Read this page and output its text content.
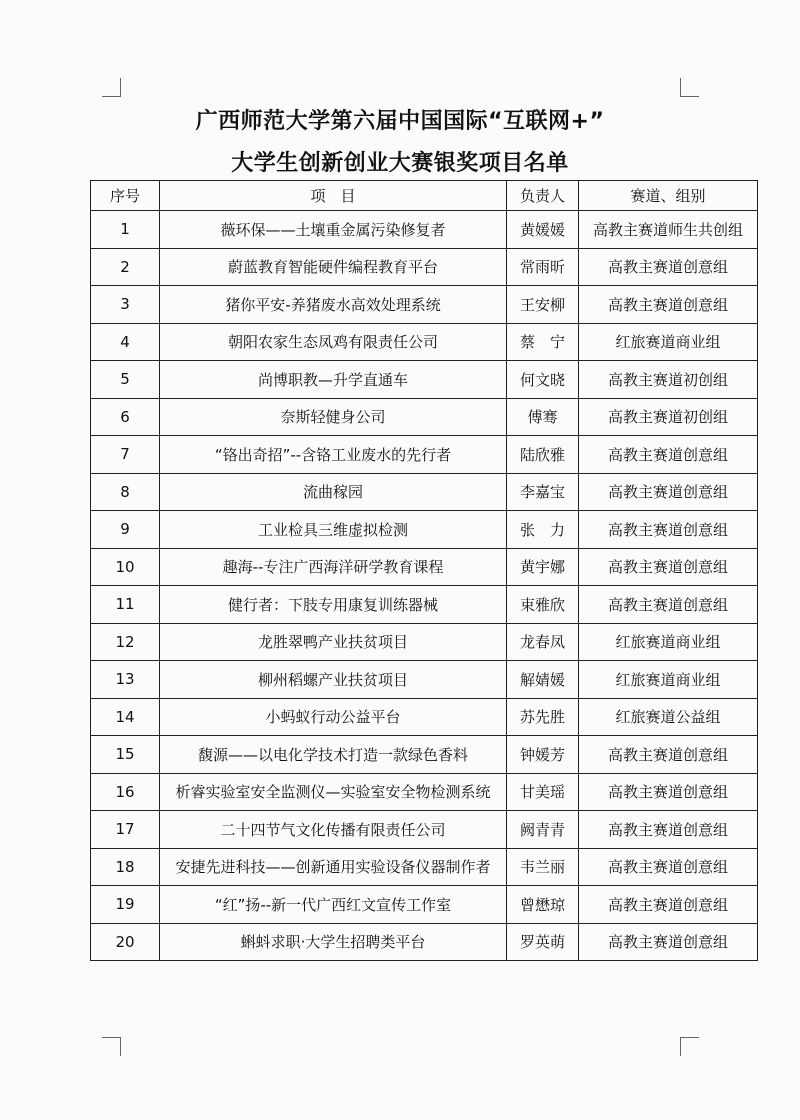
广西师范大学第六届中国国际“互联网+”
大学生创新创业大赛银奖项目名单
序号	项　目	负责人	赛道、组别
1	薇环保——土壤重金属污染修复者	黄媛媛	高教主赛道师生共创组
2	蔚蓝教育智能硬件编程教育平台	常雨昕	高教主赛道创意组
3	猪你平安-养猪废水高效处理系统	王安柳	高教主赛道创意组
4	朝阳农家生态凤鸡有限责任公司	蔡　宁	红旅赛道商业组
5	尚博职教—升学直通车	何文晓	高教主赛道初创组
6	奈斯轻健身公司	傅骞	高教主赛道初创组
7	“铬出奇招”--含铬工业废水的先行者	陆欣雅	高教主赛道创意组
8	流曲稼园	李嘉宝	高教主赛道创意组
9	工业检具三维虚拟检测	张　力	高教主赛道创意组
10	趣海--专注广西海洋研学教育课程	黄宇娜	高教主赛道创意组
11	健行者：下肢专用康复训练器械	束雅欣	高教主赛道创意组
12	龙胜翠鸭产业扶贫项目	龙春凤	红旅赛道商业组
13	柳州稻螺产业扶贫项目	解婧媛	红旅赛道商业组
14	小蚂蚁行动公益平台	苏先胜	红旅赛道公益组
15	馥源——以电化学技术打造一款绿色香料	钟媛芳	高教主赛道创意组
16	析睿实验室安全监测仪—实验室安全物检测系统	甘美瑶	高教主赛道创意组
17	二十四节气文化传播有限责任公司	阙青青	高教主赛道创意组
18	安捷先进科技——创新通用实验设备仪器制作者	韦兰丽	高教主赛道创意组
19	“红”扬--新一代广西红文宣传工作室	曾懋琼	高教主赛道创意组
20	蝌蚪求职·大学生招聘类平台	罗英萌	高教主赛道创意组
